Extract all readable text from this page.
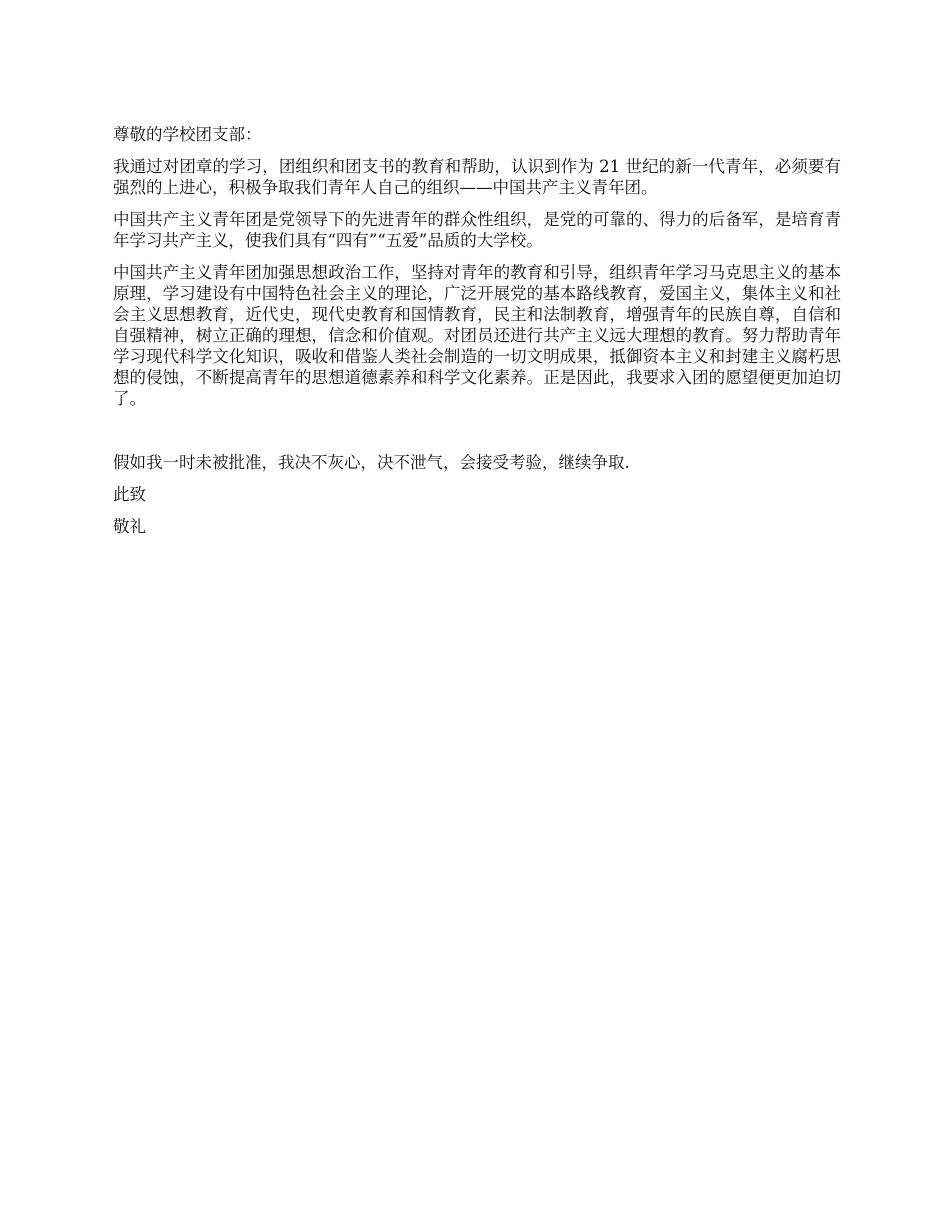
尊敬的学校团支部：

我通过对团章的学习，团组织和团支书的教育和帮助，认识到作为 21 世纪的新一代青年，必须要有强烈的上进心，积极争取我们青年人自己的组织——中国共产主义青年团。

中国共产主义青年团是党领导下的先进青年的群众性组织，是党的可靠的、得力的后备军，是培育青年学习共产主义，使我们具有“四有”“五爱”品质的大学校。

中国共产主义青年团加强思想政治工作，坚持对青年的教育和引导，组织青年学习马克思主义的基本原理，学习建设有中国特色社会主义的理论，广泛开展党的基本路线教育，爱国主义，集体主义和社会主义思想教育，近代史，现代史教育和国情教育，民主和法制教育，增强青年的民族自尊，自信和自强精神，树立正确的理想，信念和价值观。对团员还进行共产主义远大理想的教育。努力帮助青年学习现代科学文化知识，吸收和借鉴人类社会制造的一切文明成果，抵御资本主义和封建主义腐朽思想的侵蚀，不断提高青年的思想道德素养和科学文化素养。正是因此，我要求入团的愿望便更加迫切了。

假如我一时未被批准，我决不灰心，决不泄气，会接受考验，继续争取.

此致

敬礼
